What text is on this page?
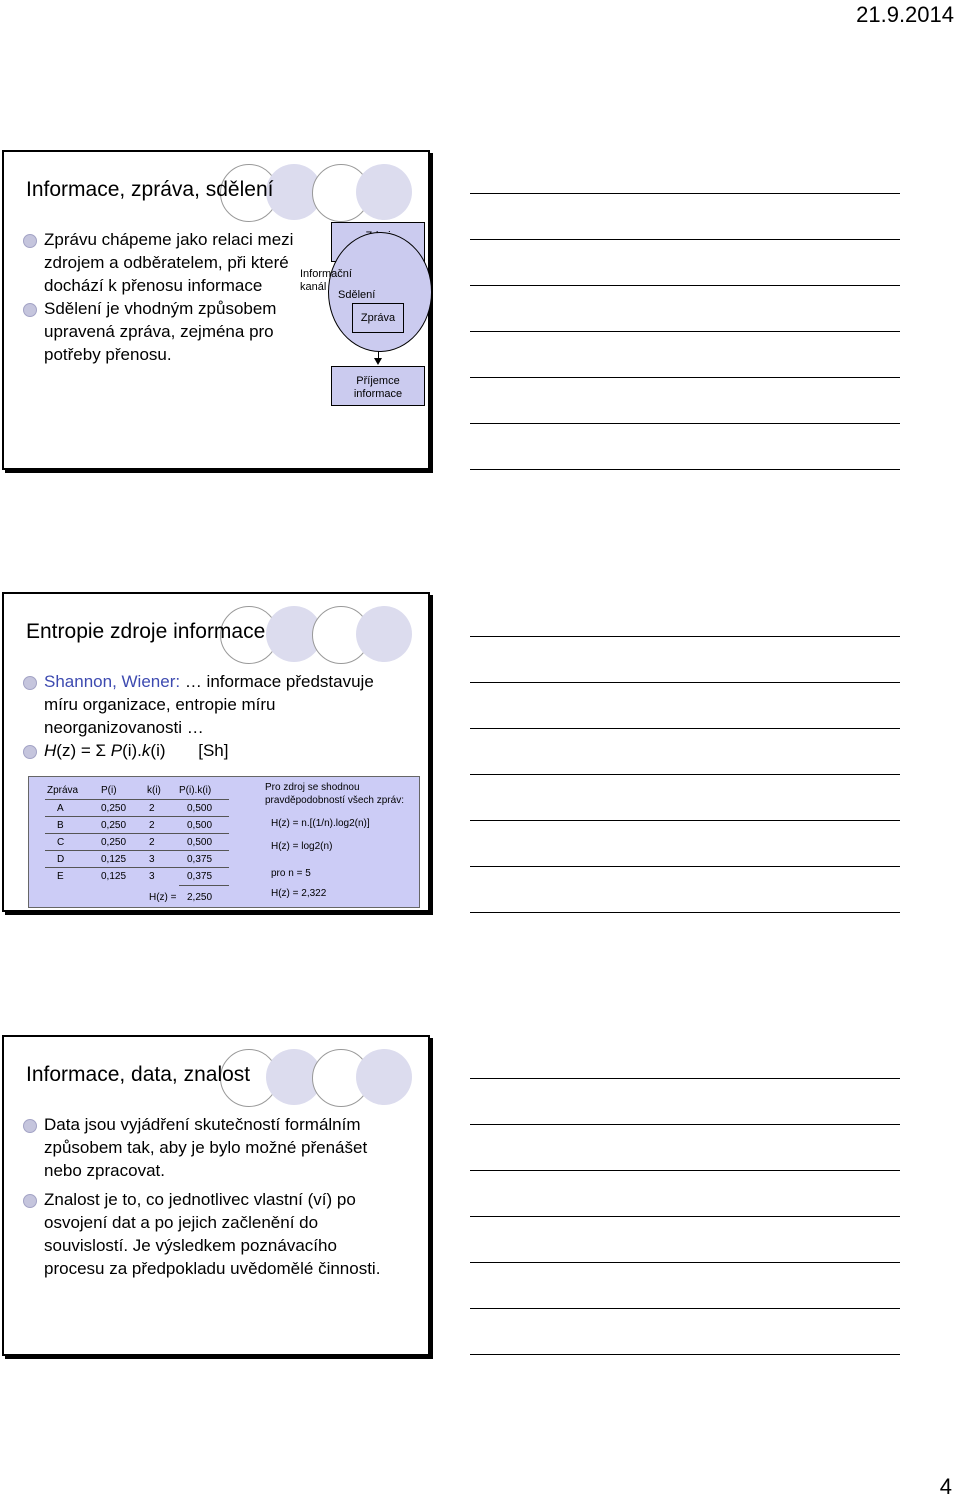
21.9.2014
Informace, zpráva, sdělení
Zprávu chápeme jako relaci mezi zdrojem a odběratelem, při které dochází k přenosu informace
Sdělení je vhodným způsobem upravená zpráva, zejména pro potřeby přenosu.
Informační kanál
Sdělení
Zpráva
Příjemce informace
Entropie zdroje informace
Shannon, Wiener: … informace představuje míru organizace, entropie míru neorganizovanosti …
H(z) = Σ P(i).k(i) [Sh]
Zpráva P(i)	k(i) P(i).k(i)
A	0,250 2	0,500
B	0,250 2	0,500
C	0,250 2	0,500
D	0,125 3	0,375
E	0,125 3	0,375
H(z) = 2,250
Pro zdroj se shodnou
pravděpodobností všech zpráv:
H(z) = n.[(1/n).log2(n)]
H(z) = log2(n)
pro n = 5
H(z) = 2,322
Informace, data, znalost
Data jsou vyjádření skutečností formálním způsobem tak, aby je bylo možné přenášet nebo zpracovat.
Znalost je to, co jednotlivec vlastní (ví) po osvojení dat a po jejich začlenění do souvislostí. Je výsledkem poznávacího procesu za předpokladu uvědomělé činnosti.
4
